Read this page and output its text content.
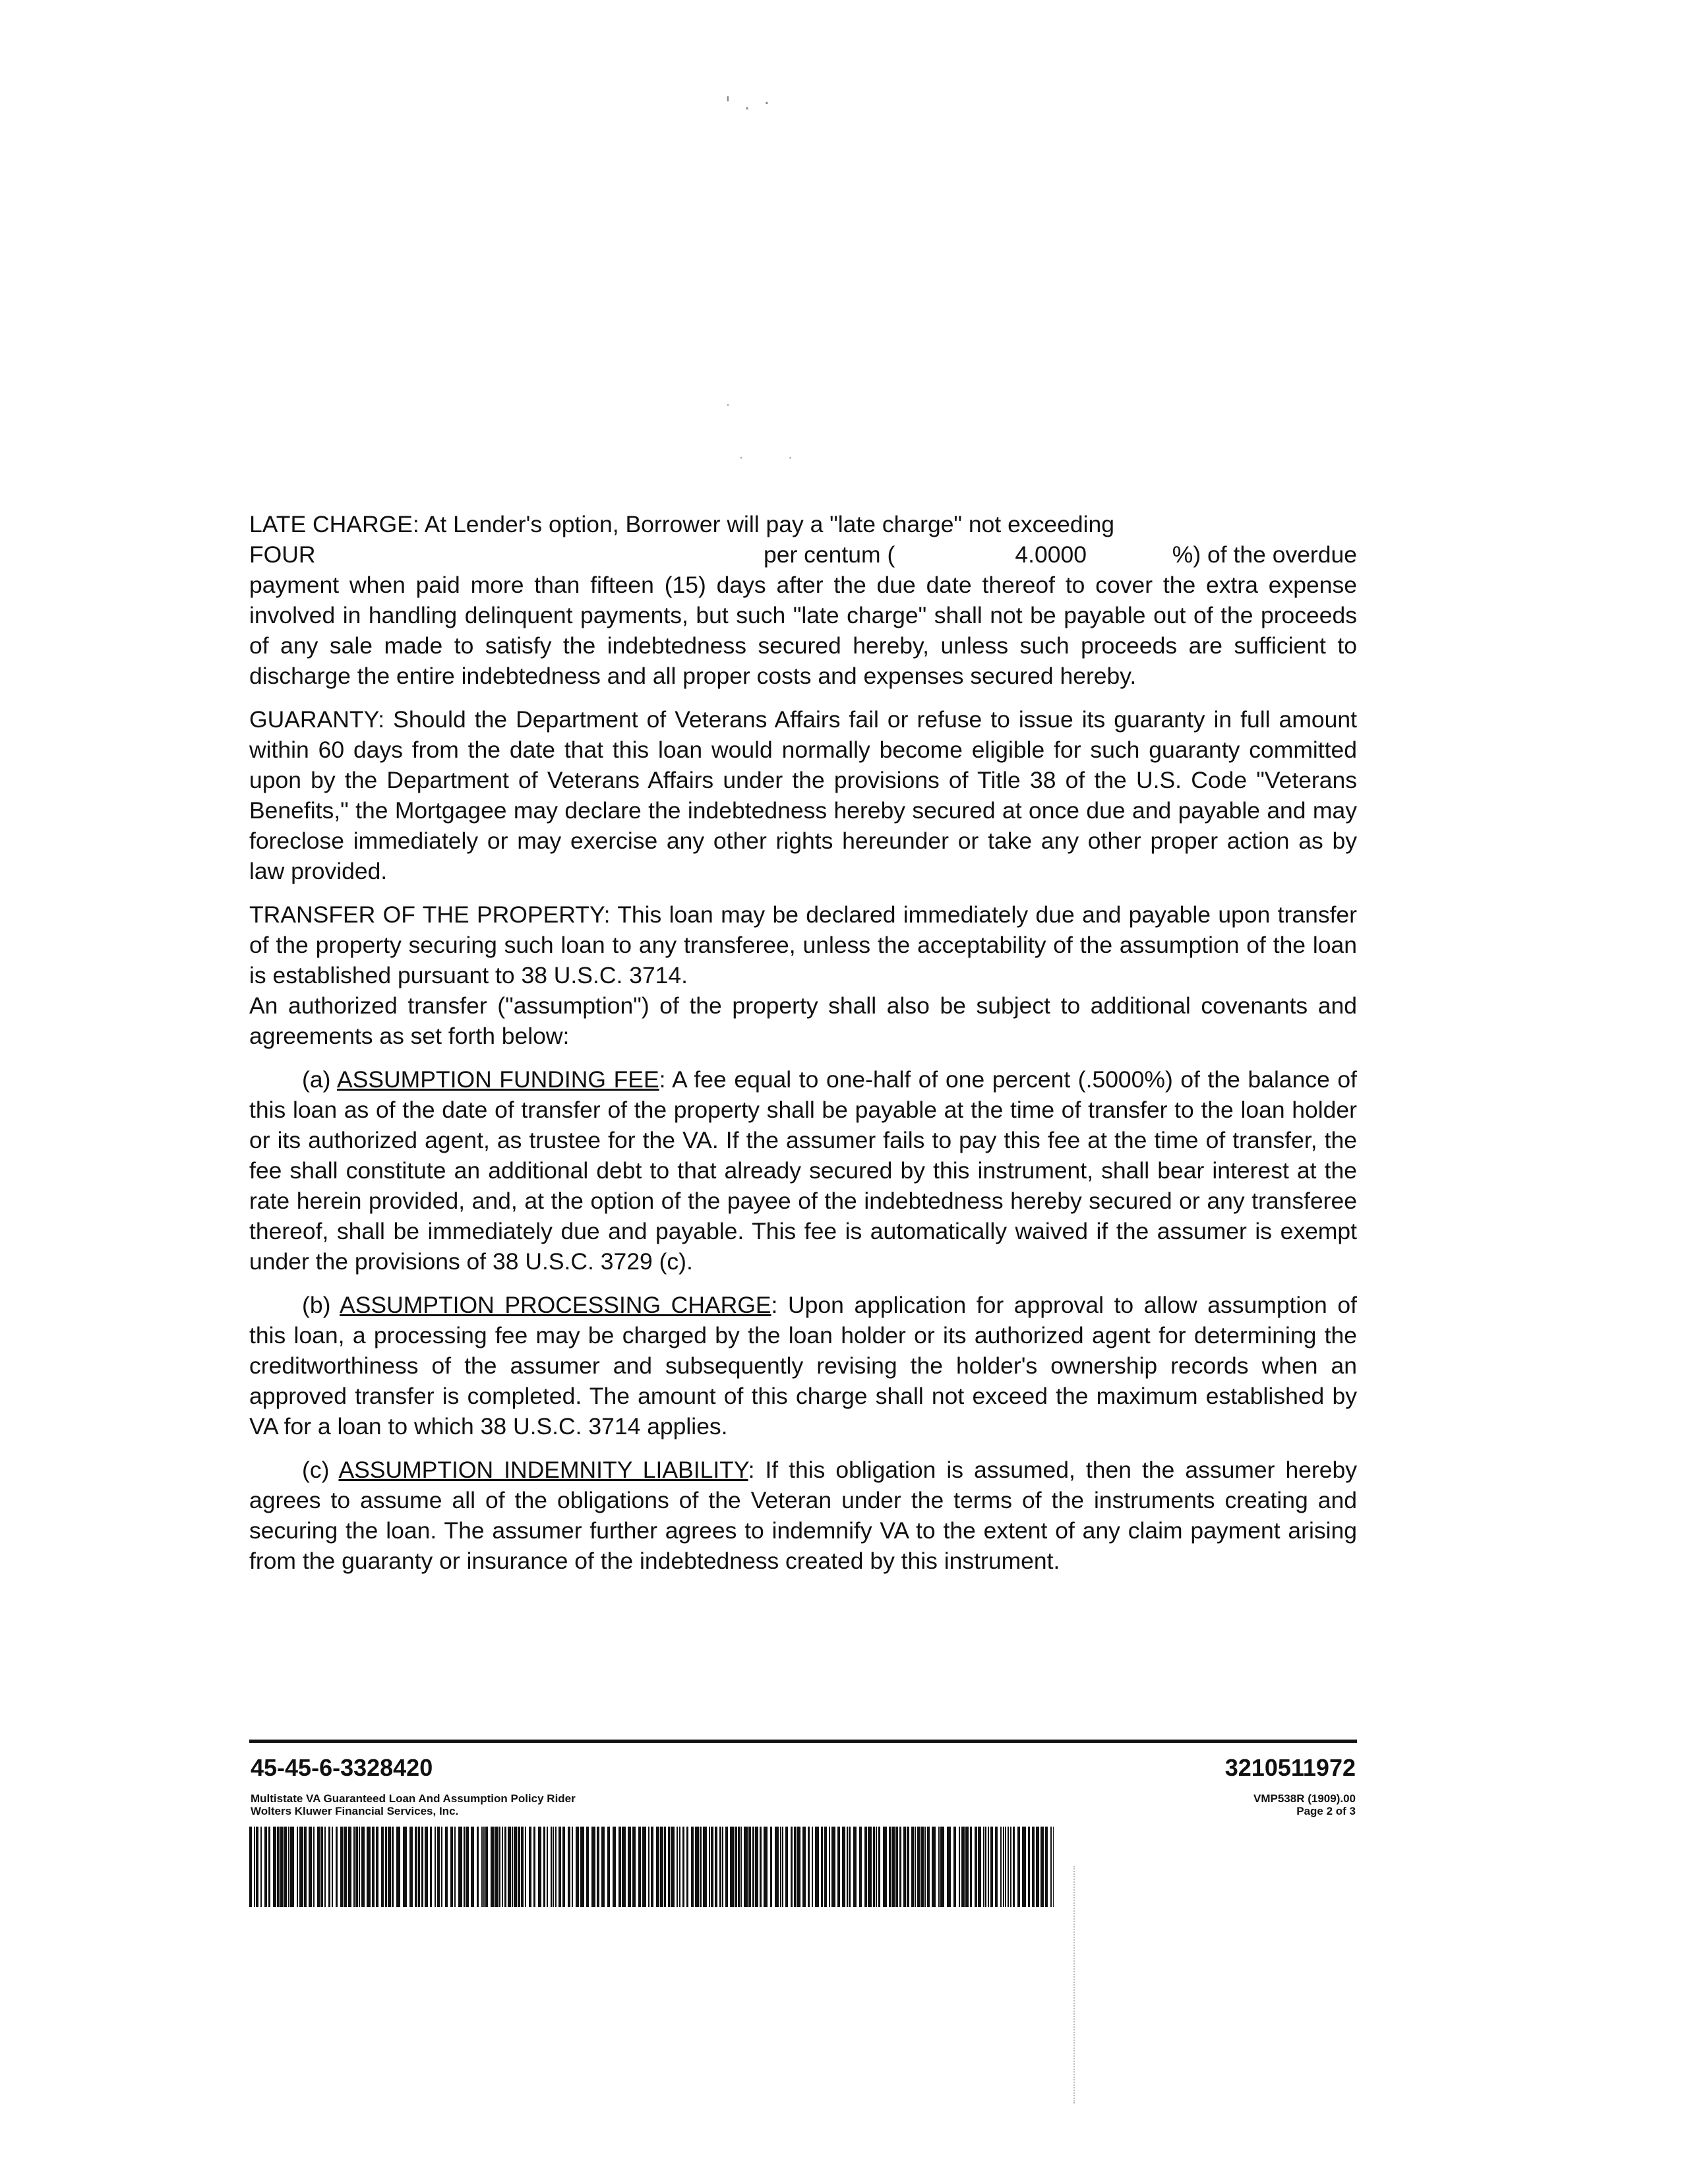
' . ·
·
· ·
LATE CHARGE: At Lender's option, Borrower will pay a "late charge" not exceeding
FOUR	per centum (	4.0000	%) of the overdue
payment when paid more than fifteen (15) days after the due date thereof to cover the extra expense involved in handling delinquent payments, but such "late charge" shall not be payable out of the proceeds of any sale made to satisfy the indebtedness secured hereby, unless such proceeds are sufficient to discharge the entire indebtedness and all proper costs and expenses secured hereby.
GUARANTY: Should the Department of Veterans Affairs fail or refuse to issue its guaranty in full amount within 60 days from the date that this loan would normally become eligible for such guaranty committed upon by the Department of Veterans Affairs under the provisions of Title 38 of the U.S. Code "Veterans Benefits," the Mortgagee may declare the indebtedness hereby secured at once due and payable and may foreclose immediately or may exercise any other rights hereunder or take any other proper action as by law provided.
TRANSFER OF THE PROPERTY: This loan may be declared immediately due and payable upon transfer of the property securing such loan to any transferee, unless the acceptability of the assumption of the loan is established pursuant to 38 U.S.C. 3714.
An authorized transfer ("assumption") of the property shall also be subject to additional covenants and agreements as set forth below:
(a) ASSUMPTION FUNDING FEE: A fee equal to one-half of one percent (.5000%) of the balance of this loan as of the date of transfer of the property shall be payable at the time of transfer to the loan holder or its authorized agent, as trustee for the VA. If the assumer fails to pay this fee at the time of transfer, the fee shall constitute an additional debt to that already secured by this instrument, shall bear interest at the rate herein provided, and, at the option of the payee of the indebtedness hereby secured or any transferee thereof, shall be immediately due and payable. This fee is automatically waived if the assumer is exempt under the provisions of 38 U.S.C. 3729 (c).
(b) ASSUMPTION PROCESSING CHARGE: Upon application for approval to allow assumption of this loan, a processing fee may be charged by the loan holder or its authorized agent for determining the creditworthiness of the assumer and subsequently revising the holder's ownership records when an approved transfer is completed. The amount of this charge shall not exceed the maximum established by VA for a loan to which 38 U.S.C. 3714 applies.
(c) ASSUMPTION INDEMNITY LIABILITY: If this obligation is assumed, then the assumer hereby agrees to assume all of the obligations of the Veteran under the terms of the instruments creating and securing the loan. The assumer further agrees to indemnify VA to the extent of any claim payment arising from the guaranty or insurance of the indebtedness created by this instrument.
45-45-6-3328420	3210511972
Multistate VA Guaranteed Loan And Assumption Policy Rider
Wolters Kluwer Financial Services, Inc.
VMP538R (1909).00
Page 2 of 3
